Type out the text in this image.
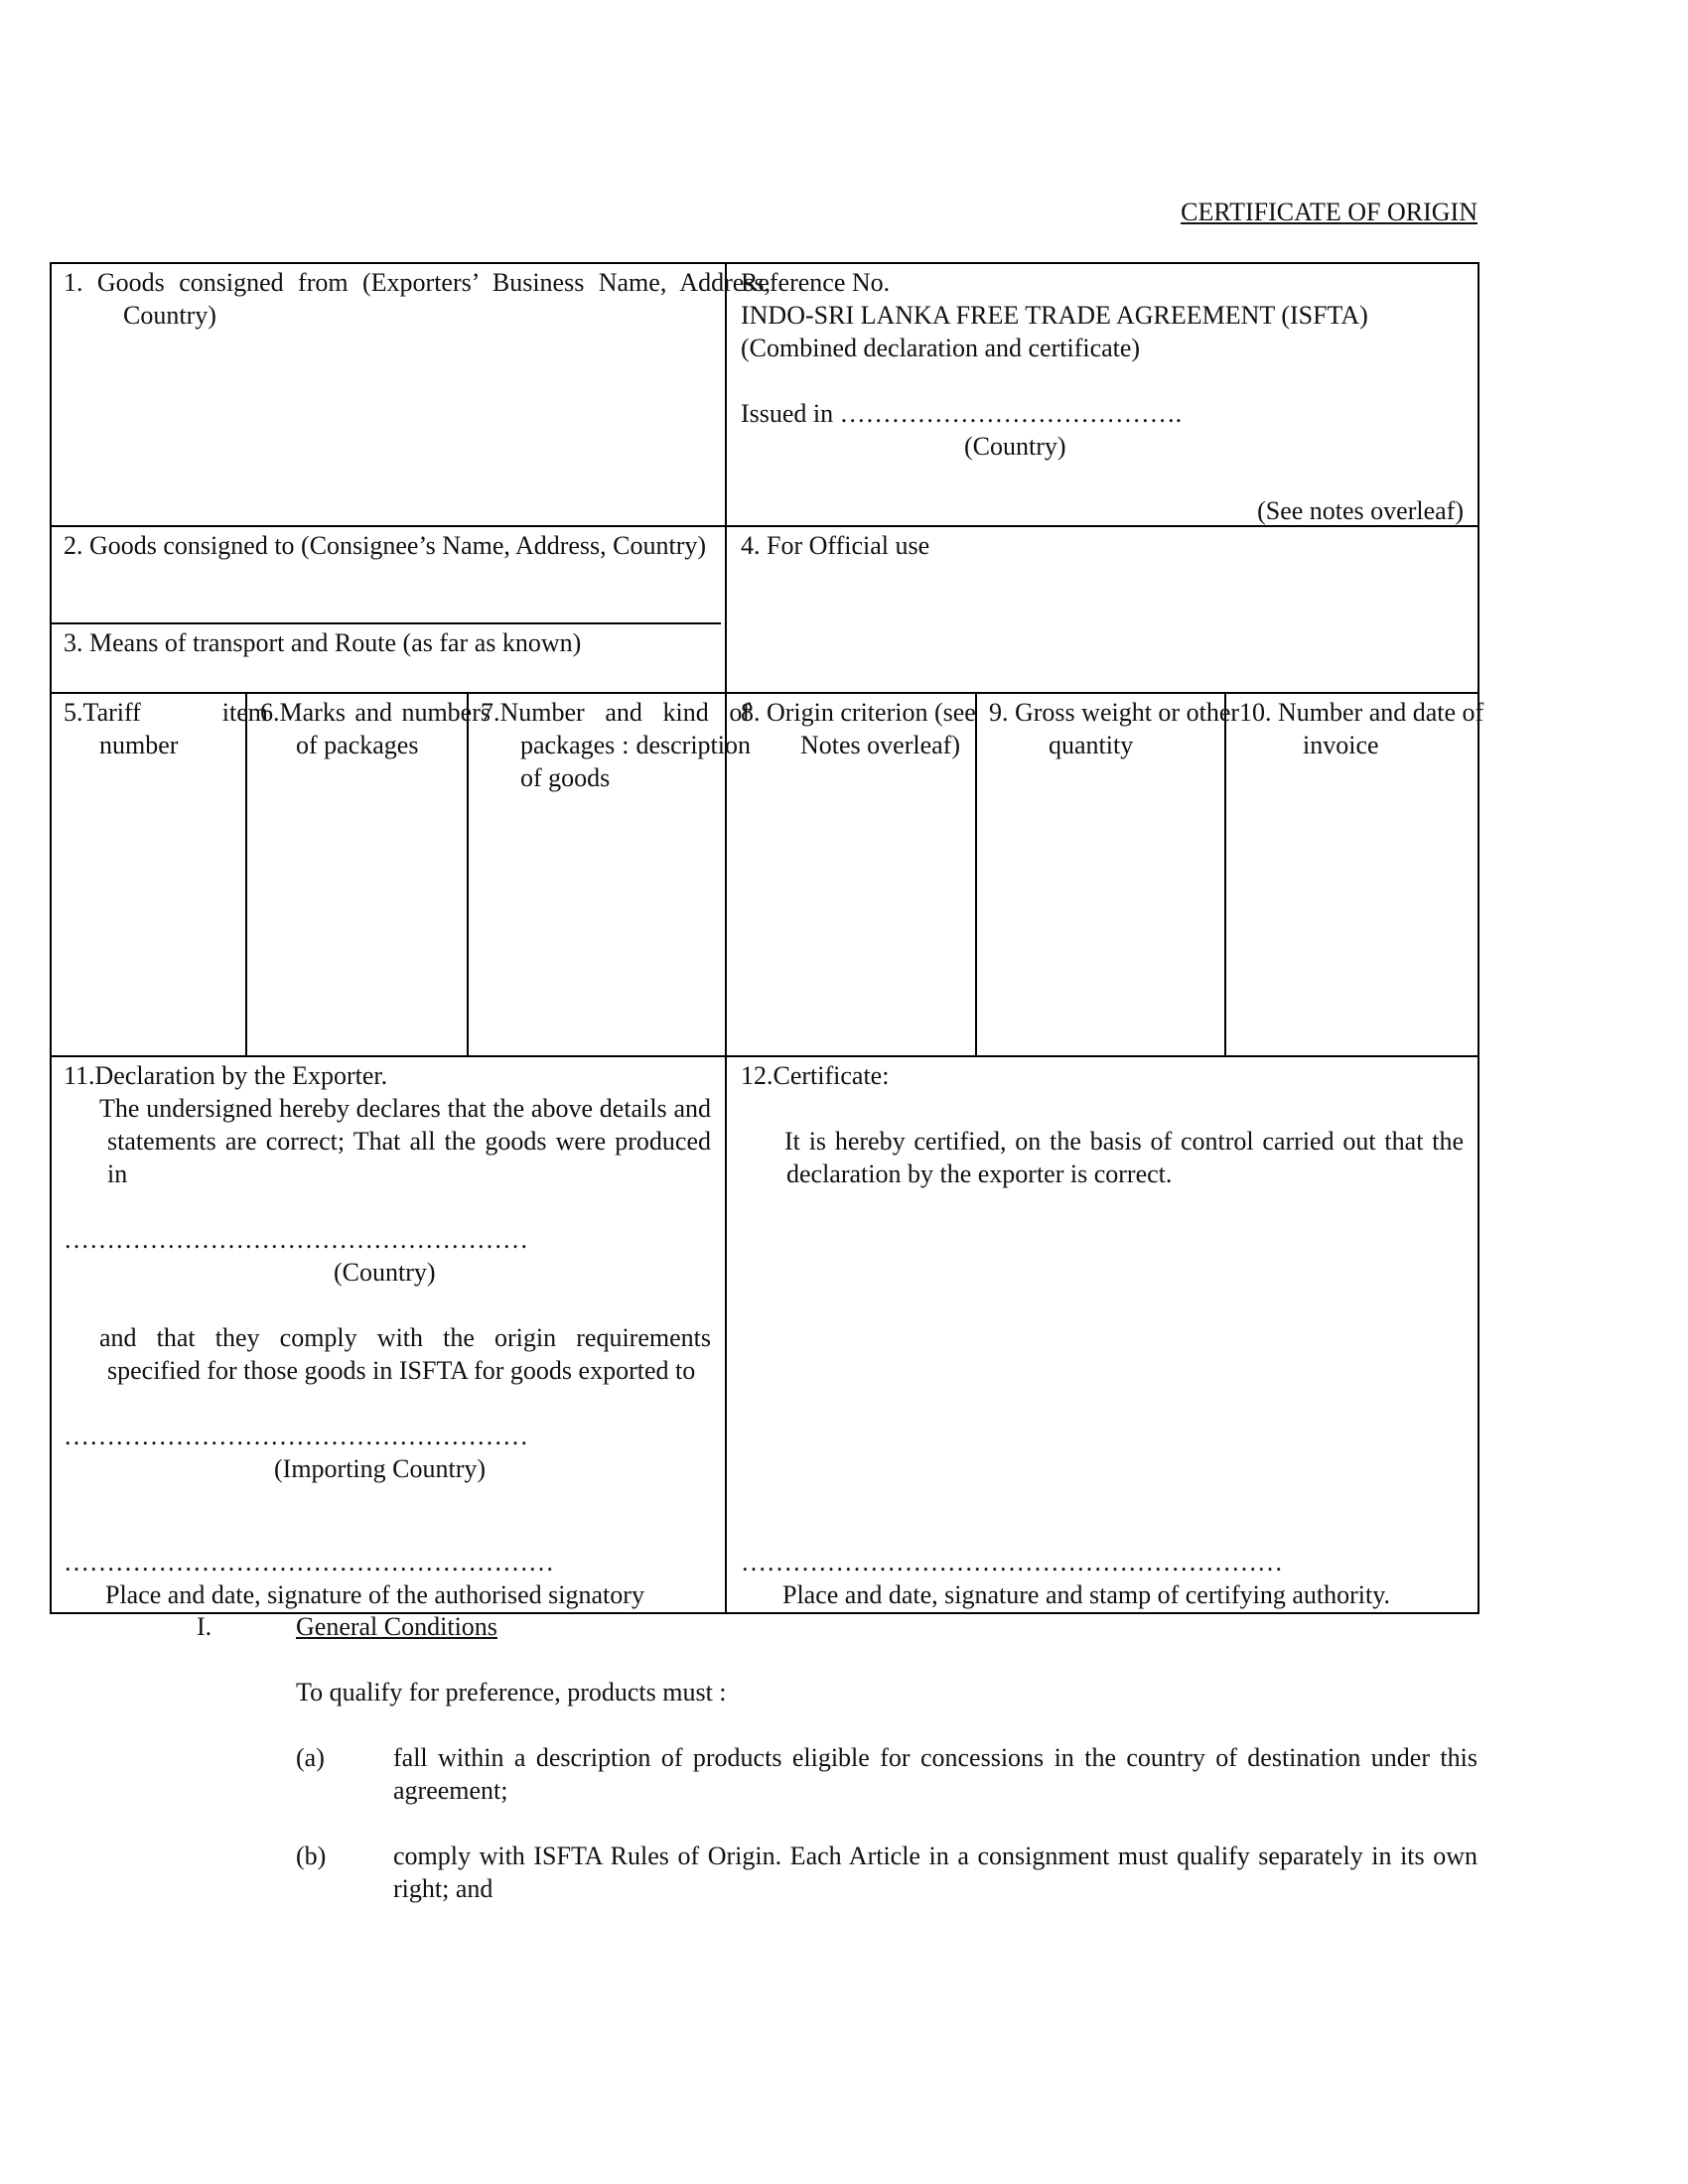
CERTIFICATE OF ORIGIN
1. Goods consigned from (Exporters’ Business Name, Address, Country)

Reference No.

INDO-SRI LANKA FREE TRADE AGREEMENT (ISFTA)

(Combined declaration and certificate)

Issued in ………………………………….

(Country)

(See notes overleaf)

2. Goods consigned to (Consignee’s Name, Address, Country)
3. Means of transport and Route (as far as known)
4. For Official use
5.Tariff item number
6.Marks and numbers of packages
7.Number and kind of packages : description of goods
8. Origin criterion (see Notes overleaf)
9. Gross weight or other quantity
10. Number and date of invoice

11.Declaration by the Exporter.

The undersigned hereby declares that the above details and statements are correct; That all the goods were produced in

………………………………………………

(Country)

and that they comply with the origin requirements specified for those goods in ISFTA for goods exported to

………………………………………………

(Importing Country)

…………………………………………………

Place and date, signature of the authorised signatory

12.Certificate:

It is hereby certified, on the basis of control carried out that the declaration by the exporter is correct.

………………………………………………………

Place and date, signature and stamp of certifying authority.

I.	General Conditions
To qualify for preference, products must :
(a)	fall within a description of products eligible for concessions in the country of destination under this agreement;
(b)	comply with ISFTA Rules of Origin. Each Article in a consignment must qualify separately in its own right; and
